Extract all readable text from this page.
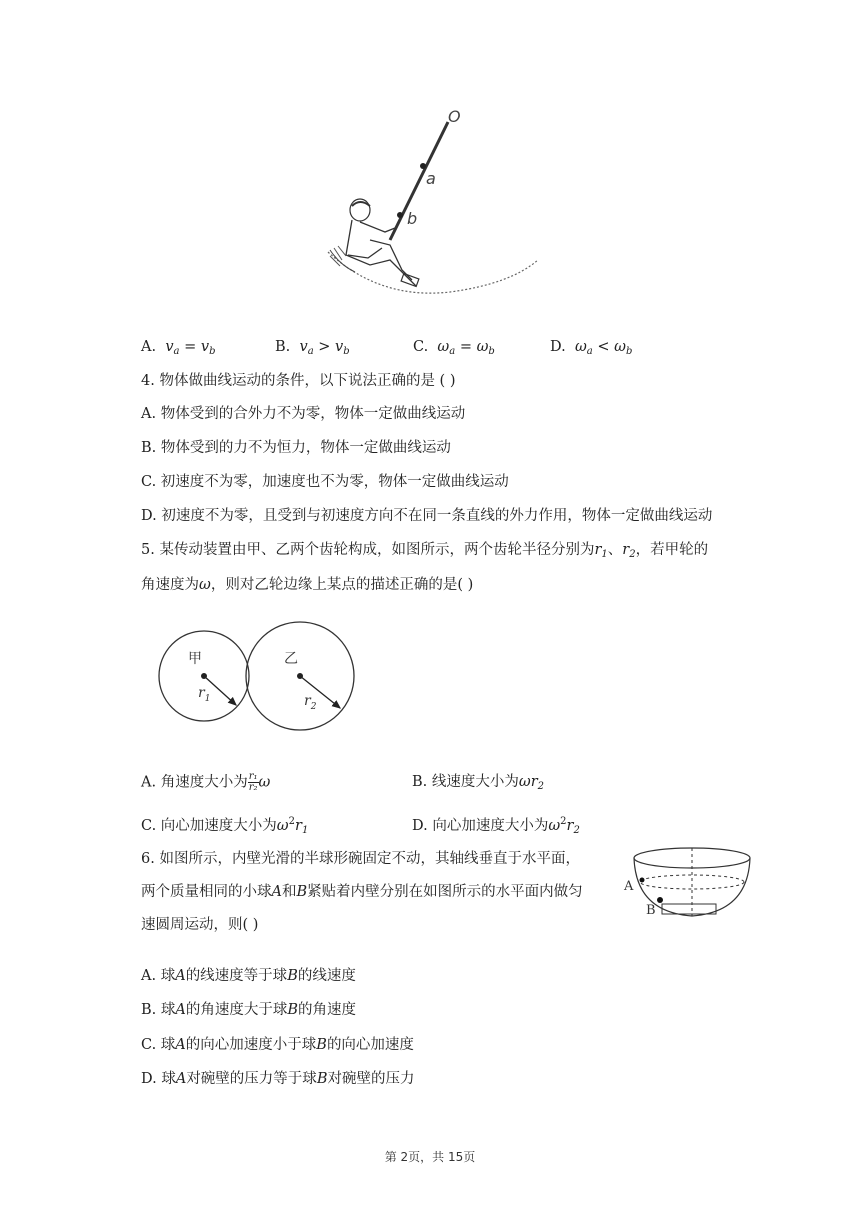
O
a
b
A. $v_a = v_b$	B. $v_a > v_b$	C. $\omega_a = \omega_b$	D. $\omega_a < \omega_b$
4. 物体做曲线运动的条件，以下说法正确的是 ( )
A. 物体受到的合外力不为零，物体一定做曲线运动
B. 物体受到的力不为恒力，物体一定做曲线运动
C. 初速度不为零，加速度也不为零，物体一定做曲线运动
D. 初速度不为零，且受到与初速度方向不在同一条直线的外力作用，物体一定做曲线运动
5. 某传动装置由甲、乙两个齿轮构成，如图所示，两个齿轮半径分别为$r_1$、$r_2$，若甲轮的
角速度为ω，则对乙轮边缘上某点的描述正确的是( )
甲	乙
$r_1$	$r_2$
A. 角速度大小为 $\frac{\text{r₁}}{\text{r₂}}$ ω	B. 线速度大小为$\omega r_2$
C. 向心加速度大小为$\omega^2r_1$	D. 向心加速度大小为$\omega^2r_2$
6. 如图所示，内壁光滑的半球形碗固定不动，其轴线垂直于水平面，
两个质量相同的小球A和B紧贴着内壁分别在如图所示的水平面内做匀
速圆周运动，则( )
A
B
A. 球A的线速度等于球B的线速度
B. 球A的角速度大于球B的角速度
C. 球A的向心加速度小于球B的向心加速度
D. 球A对碗壁的压力等于球B对碗壁的压力
第 2页，共 15页
